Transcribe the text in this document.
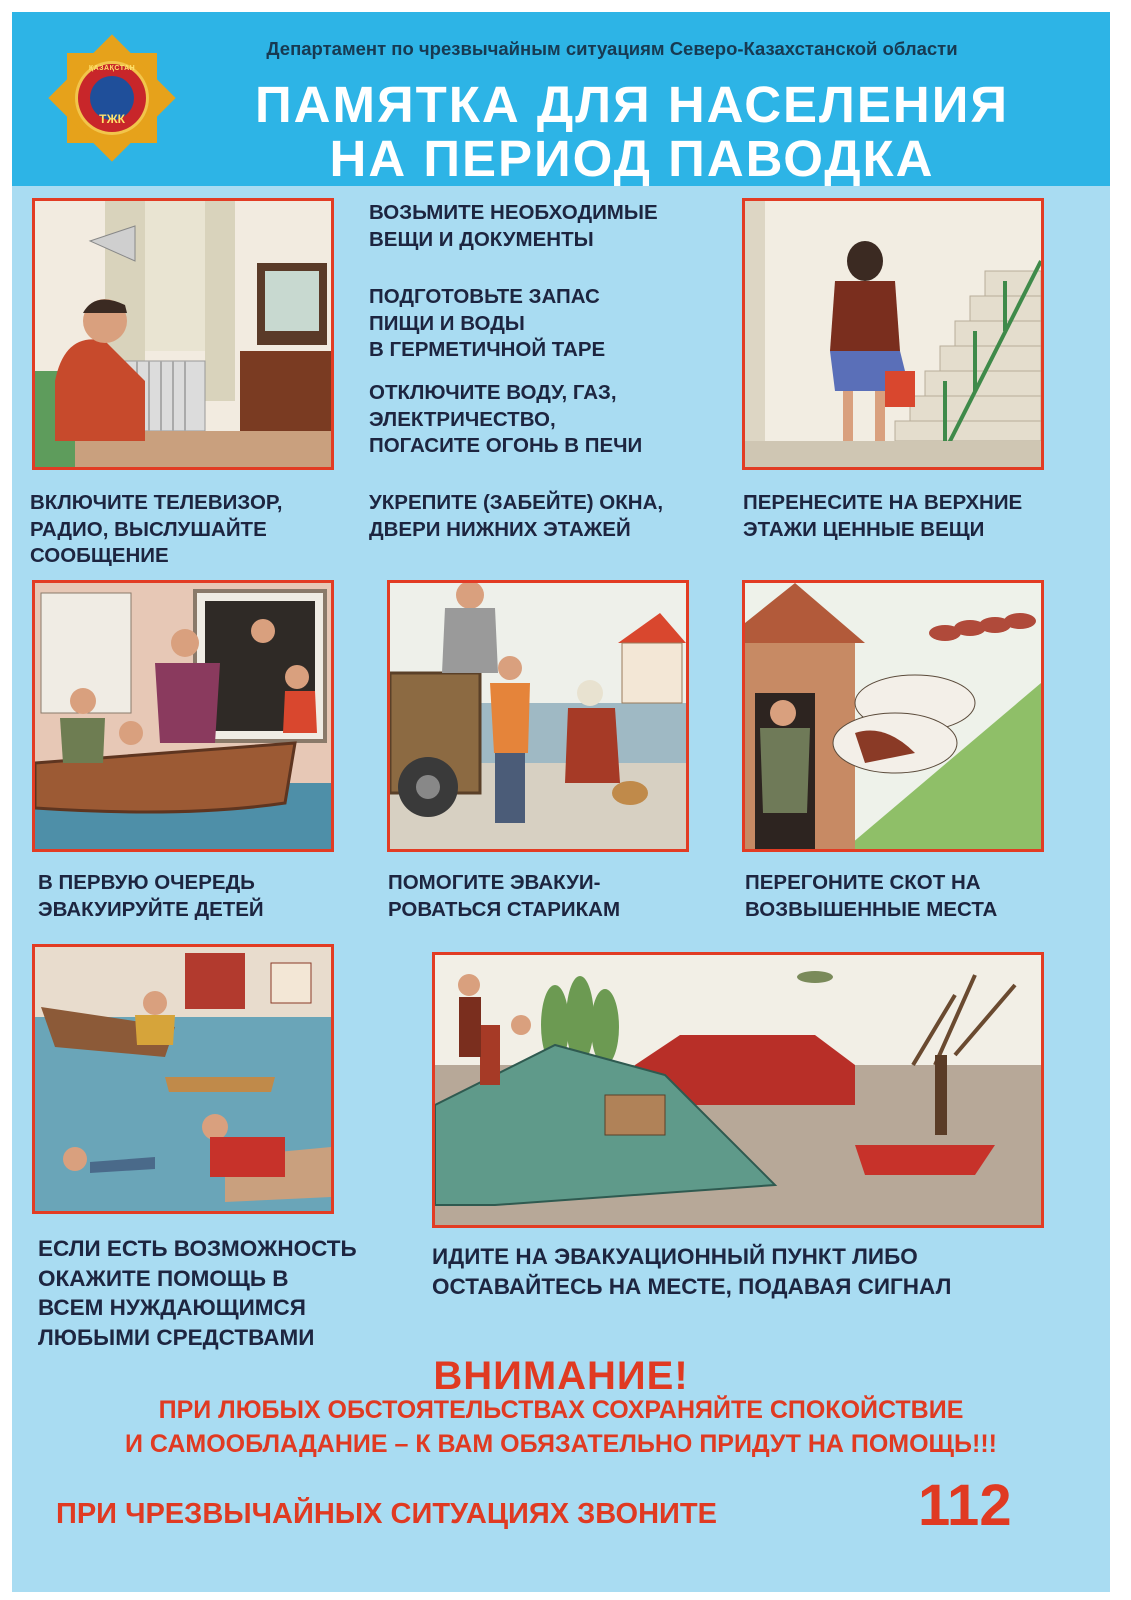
ҚАЗАҚСТАН
ТЖК
Департамент по чрезвычайным ситуациям Северо-Казахстанской области
ПАМЯТКА ДЛЯ НАСЕЛЕНИЯ
НА ПЕРИОД ПАВОДКА
ВОЗЬМИТЕ НЕОБХОДИМЫЕ
ВЕЩИ И ДОКУМЕНТЫ
ПОДГОТОВЬТЕ ЗАПАС
ПИЩИ И ВОДЫ
В ГЕРМЕТИЧНОЙ ТАРЕ
ОТКЛЮЧИТЕ ВОДУ, ГАЗ,
ЭЛЕКТРИЧЕСТВО,
ПОГАСИТЕ ОГОНЬ В ПЕЧИ
ВКЛЮЧИТЕ ТЕЛЕВИЗОР,
РАДИО, ВЫСЛУШАЙТЕ
СООБЩЕНИЕ
УКРЕПИТЕ (ЗАБЕЙТЕ) ОКНА,
ДВЕРИ НИЖНИХ ЭТАЖЕЙ
ПЕРЕНЕСИТЕ НА ВЕРХНИЕ
ЭТАЖИ ЦЕННЫЕ ВЕЩИ
В ПЕРВУЮ ОЧЕРЕДЬ
ЭВАКУИРУЙТЕ ДЕТЕЙ
ПОМОГИТЕ ЭВАКУИ-
РОВАТЬСЯ СТАРИКАМ
ПЕРЕГОНИТЕ СКОТ НА
ВОЗВЫШЕННЫЕ МЕСТА
ЕСЛИ ЕСТЬ ВОЗМОЖНОСТЬ
ОКАЖИТЕ ПОМОЩЬ В
ВСЕМ НУЖДАЮЩИМСЯ
ЛЮБЫМИ СРЕДСТВАМИ
ИДИТЕ НА ЭВАКУАЦИОННЫЙ ПУНКТ ЛИБО
ОСТАВАЙТЕСЬ НА МЕСТЕ, ПОДАВАЯ СИГНАЛ
ВНИМАНИЕ!
ПРИ ЛЮБЫХ ОБСТОЯТЕЛЬСТВАХ СОХРАНЯЙТЕ СПОКОЙСТВИЕ
И САМООБЛАДАНИЕ – К ВАМ ОБЯЗАТЕЛЬНО ПРИДУТ НА ПОМОЩЬ!!!
ПРИ ЧРЕЗВЫЧАЙНЫХ СИТУАЦИЯХ ЗВОНИТЕ	112
